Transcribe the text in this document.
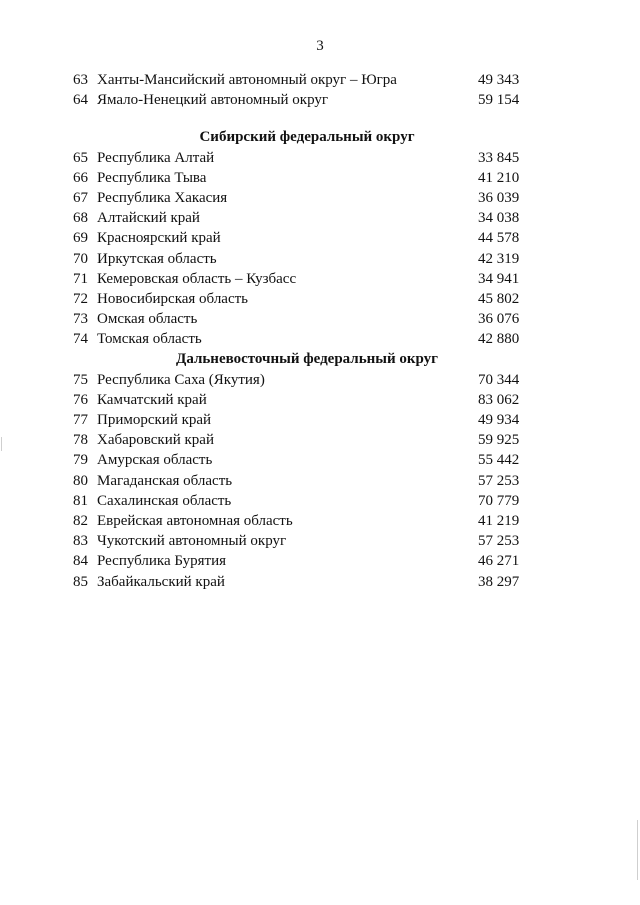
3
63 Ханты-Мансийский автономный округ – Югра	49 343
64 Ямало-Ненецкий автономный округ	59 154
Сибирский федеральный округ
65 Республика Алтай	33 845
66 Республика Тыва	41 210
67 Республика Хакасия	36 039
68 Алтайский край	34 038
69 Красноярский край	44 578
70 Иркутская область	42 319
71 Кемеровская область – Кузбасс	34 941
72 Новосибирская область	45 802
73 Омская область	36 076
74 Томская область	42 880
Дальневосточный федеральный округ
75 Республика Саха (Якутия)	70 344
76 Камчатский край	83 062
77 Приморский край	49 934
78 Хабаровский край	59 925
79 Амурская область	55 442
80 Магаданская область	57 253
81 Сахалинская область	70 779
82 Еврейская автономная область	41 219
83 Чукотский автономный округ	57 253
84 Республика Бурятия	46 271
85 Забайкальский край	38 297
